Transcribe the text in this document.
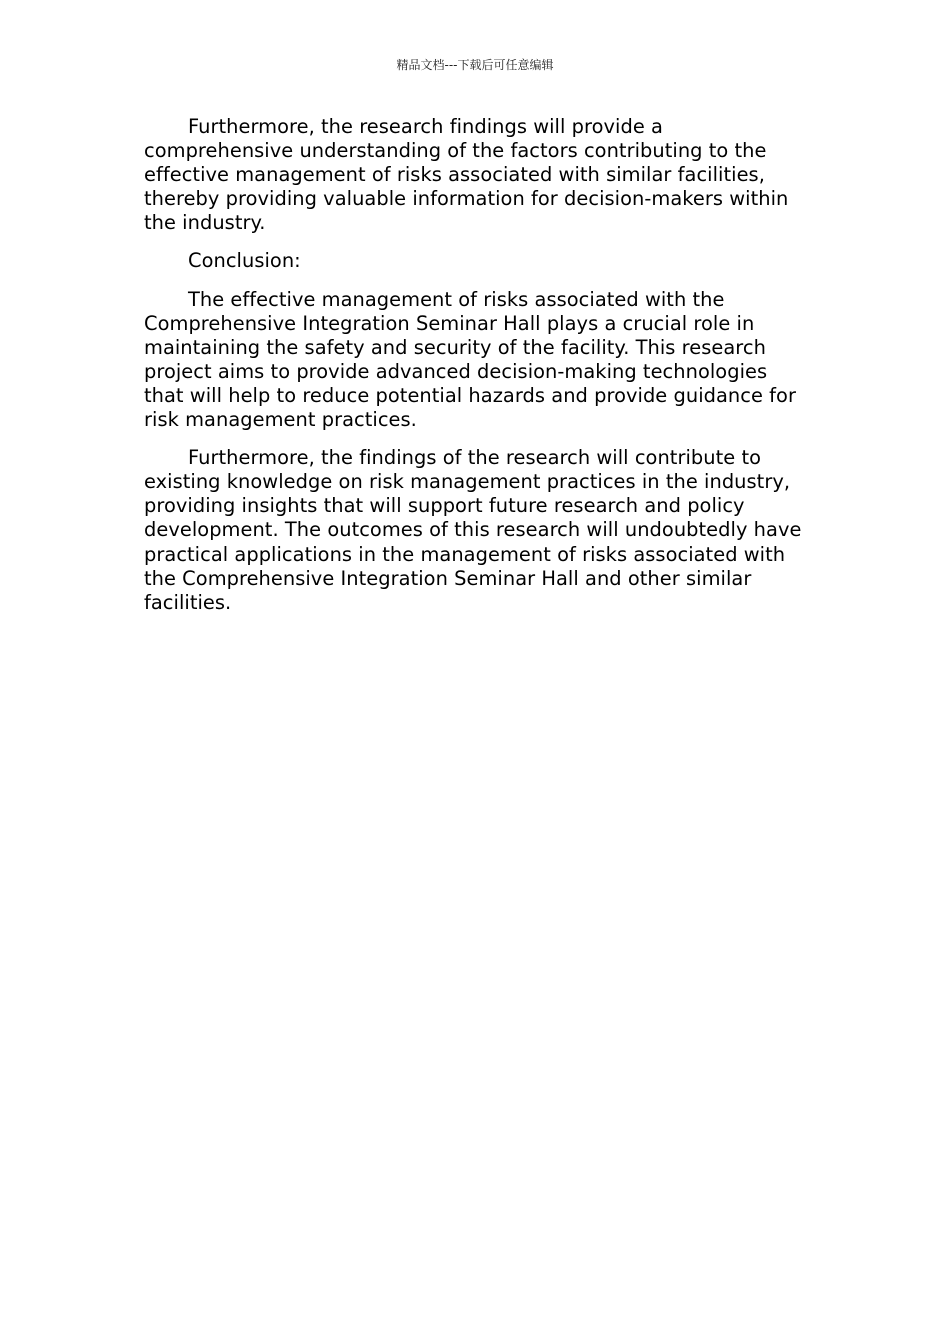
精品文档---下载后可任意编辑

Furthermore, the research findings will provide a comprehensive understanding of the factors contributing to the effective management of risks associated with similar facilities, thereby providing valuable information for decision-makers within the industry.

Conclusion:

The effective management of risks associated with the Comprehensive Integration Seminar Hall plays a crucial role in maintaining the safety and security of the facility. This research project aims to provide advanced decision-making technologies that will help to reduce potential hazards and provide guidance for risk management practices.

Furthermore, the findings of the research will contribute to existing knowledge on risk management practices in the industry, providing insights that will support future research and policy development. The outcomes of this research will undoubtedly have practical applications in the management of risks associated with the Comprehensive Integration Seminar Hall and other similar facilities.
